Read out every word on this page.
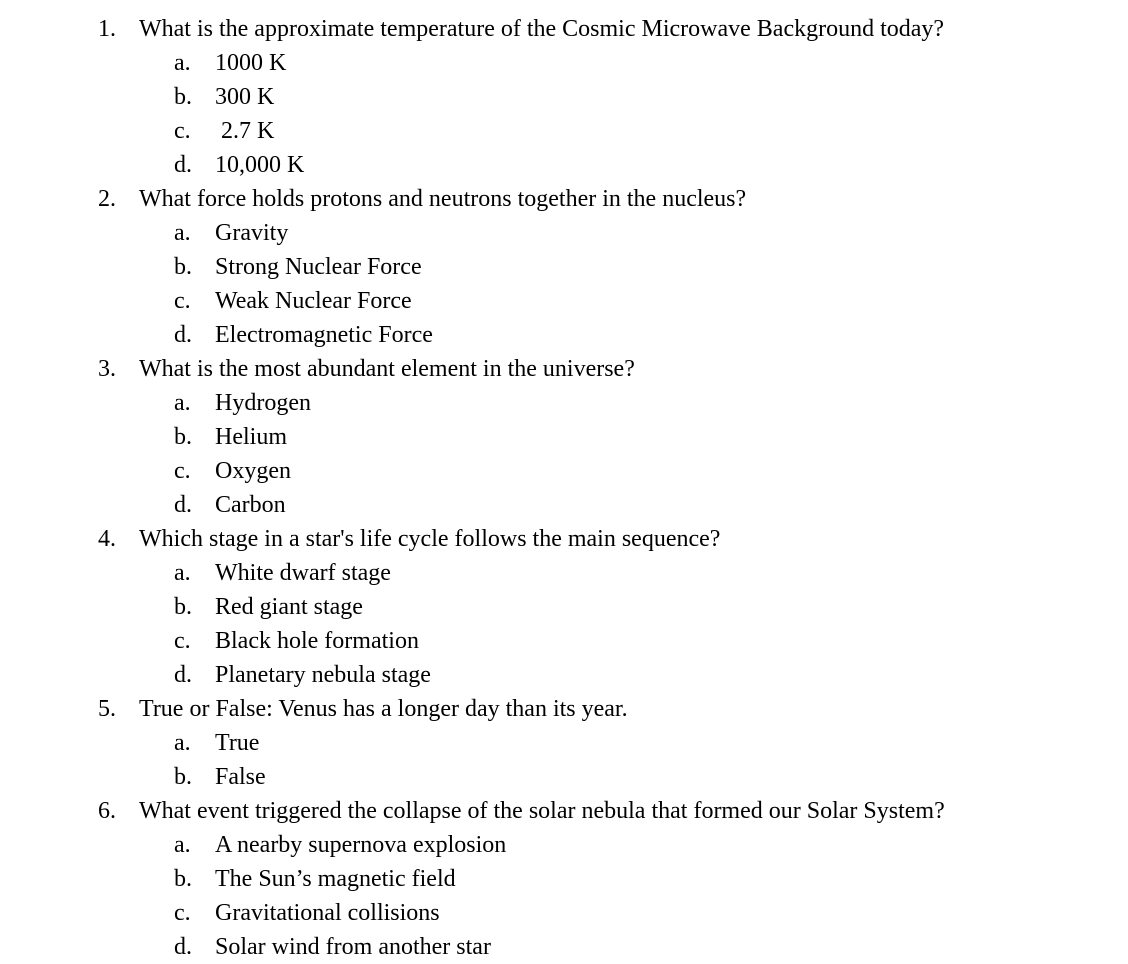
1. What is the approximate temperature of the Cosmic Microwave Background today?
a. 1000 K
b. 300 K
c. 2.7 K
d. 10,000 K
2. What force holds protons and neutrons together in the nucleus?
a. Gravity
b. Strong Nuclear Force
c. Weak Nuclear Force
d. Electromagnetic Force
3. What is the most abundant element in the universe?
a. Hydrogen
b. Helium
c. Oxygen
d. Carbon
4. Which stage in a star's life cycle follows the main sequence?
a. White dwarf stage
b. Red giant stage
c. Black hole formation
d. Planetary nebula stage
5. True or False: Venus has a longer day than its year.
a. True
b. False
6. What event triggered the collapse of the solar nebula that formed our Solar System?
a. A nearby supernova explosion
b. The Sun’s magnetic field
c. Gravitational collisions
d. Solar wind from another star
